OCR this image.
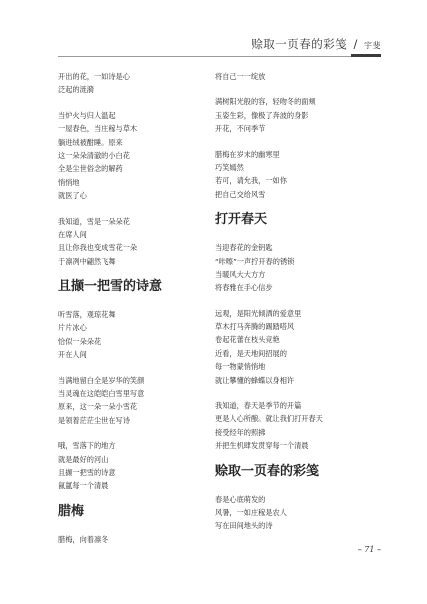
赊取一页春的彩笺 / 宇斐
开出的花，一如诗是心
泛起的涟漪
当炉火与归人温起
一屋春色，当庄稼与草木
躺进绒被酣睡。原来
这一朵朵清澈的小白花
全是尘世俗念的解药
悄悄地
就医了心
我知道，雪是一朵朵花
在席人间
且让你我也变成雪花一朵
于凛冽中翩然飞舞
且撷一把雪的诗意
听雪落，观琼花舞
片片冰心
恰似一朵朵花
开在人间
当满地留白全是岁华的笑颜
当灵魂在这皑皑白雪里写意
原来，这一朵一朵小雪花
是领着茫茫尘世在写诗
哦，雪落下的地方
就是最好的河山
且撷一把雪的诗意
氤氲每一个清晨
腊梅
腊梅，向着凛冬
将自己一一绽放
满树阳光般的容，轻吻冬的面颊
玉姿生彩，像极了奔波的身影
开花，不问季节
腊梅在岁末的幽寒里
巧笑嫣然
若可，请允我，一如你
把自己交给风雪
打开春天
当迎春花的金钥匙
“咔嚓”一声拧开春的锈锁
当暖风大大方方
将春雅在手心信步
远观，是阳光倾洒的爱意里
草木打马奔腾的踢踏嗒风
卷起花蕾在枝头竞艳
近看，是天地间招展的
每一物蒙悄悄地
就让攀懂的蜂蝶以身相许
我知道，春天是季节的开篇
更是人心所酿。就让我们打开春天
接受经年的照拂
并把生机肆发贯穿每一个清晨
赊取一页春的彩笺
春是心底萌发的
风暑，一如庄稼是农人
写在田间地头的诗
– 71 –
